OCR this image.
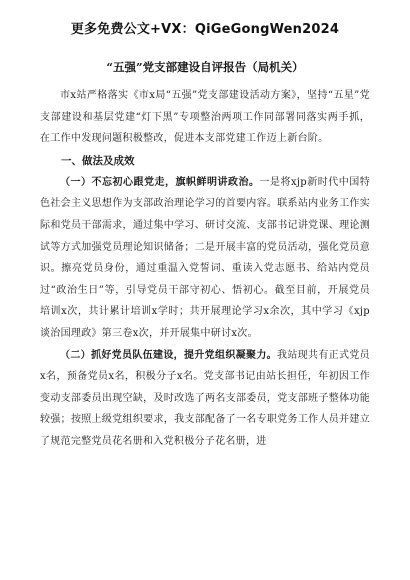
更多免费公文+VX：QiGeGongWen2024
“五强”党支部建设自评报告（局机关）

市x站严格落实《市x局“五强”党支部建设活动方案》，坚持“五星”党支部建设和基层党建“灯下黑”专项整治两项工作同部署同落实两手抓，在工作中发现问题积极整改，促进本支部党建工作迈上新台阶。

一、做法及成效

（一）不忘初心跟党走，旗帜鲜明讲政治。一是将xjp新时代中国特色社会主义思想作为支部政治理论学习的首要内容。联系站内业务工作实际和党员干部需求，通过集中学习、研讨交流、支部书记讲党课、理论测试等方式加强党员理论知识储备；二是开展丰富的党员活动，强化党员意识。擦亮党员身份，通过重温入党誓词、重读入党志愿书、给站内党员过“政治生日”等，引导党员干部守初心、悟初心。截至目前，开展党员培训x次，共计累计培训x学时；共开展理论学习x余次，其中学习《xjp谈治国理政》第三卷x次，并开展集中研讨x次。

（二）抓好党员队伍建设，提升党组织凝聚力。我站现共有正式党员x名，预备党员x名，积极分子x名。党支部书记由站长担任，年初因工作变动支部委员出现空缺，及时改选了两名支部委员，党支部班子整体功能较强；按照上级党组织要求，我支部配备了一名专职党务工作人员并建立了规范完整党员花名册和入党积极分子花名册，进
